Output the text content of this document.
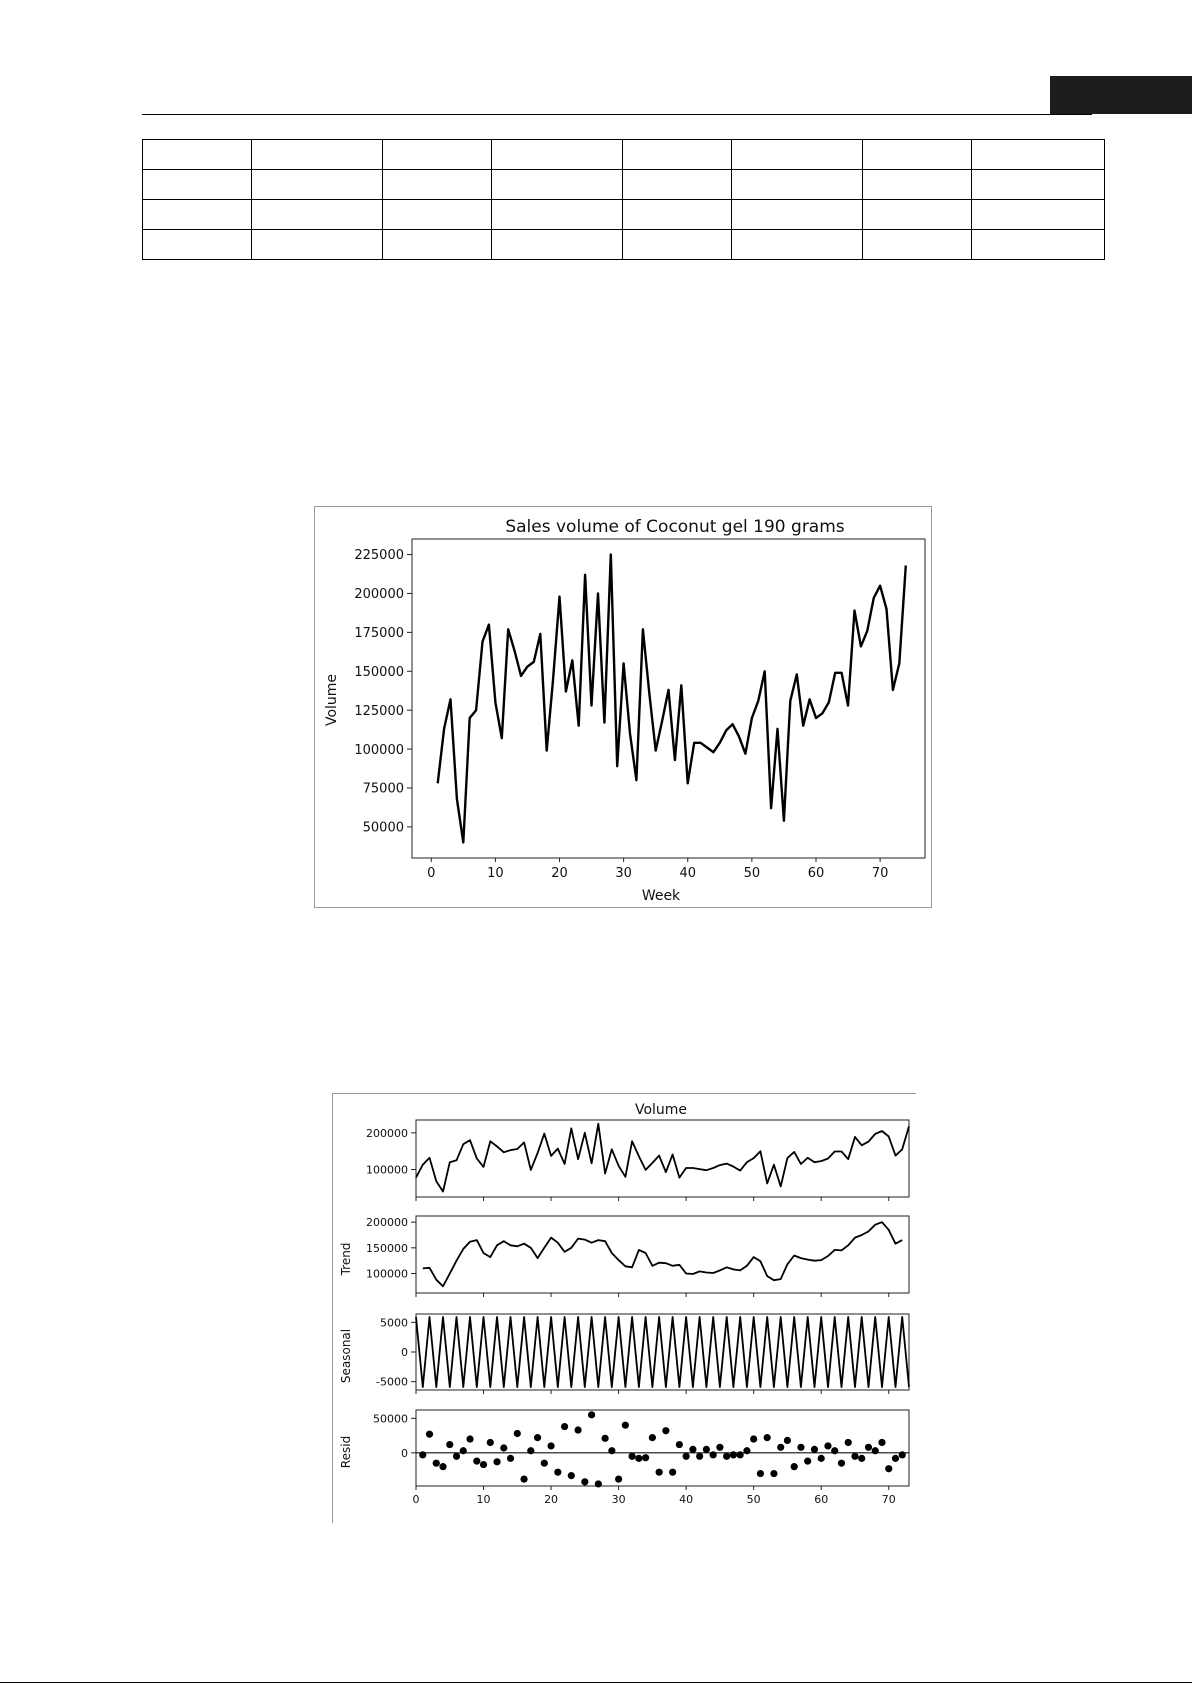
Sales volume of Coconut gel 190 grams
Week
Volume
50000
75000
100000
125000
150000
175000
200000
225000
0	10	20	30	40	50	60	70
Volume
Trend
Seasonal
Resid
100000
200000
100000
150000
200000
-5000
0
5000
0
50000
0	10	20	30	40	50	60	70
